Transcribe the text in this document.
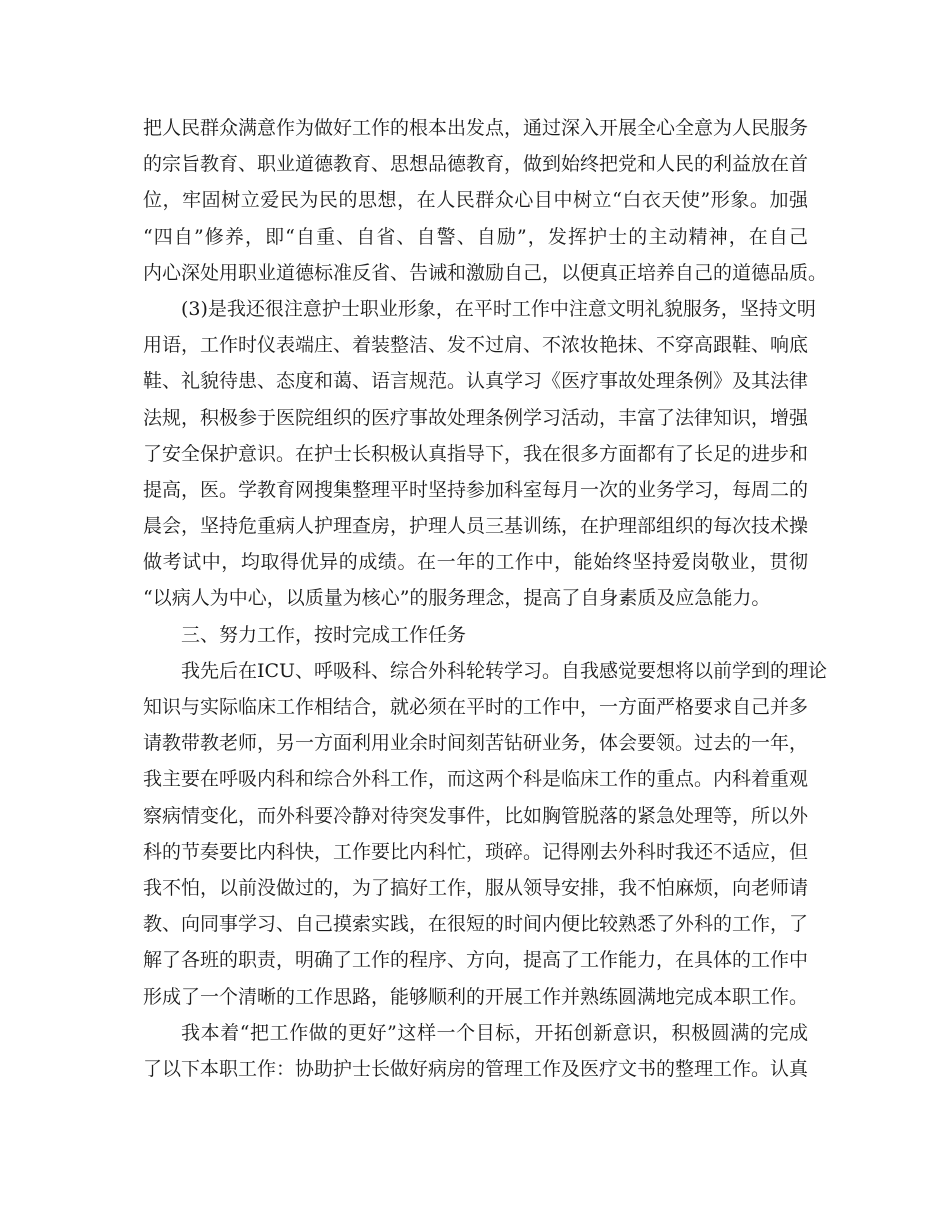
把人民群众满意作为做好工作的根本出发点，通过深入开展全心全意为人民服务
的宗旨教育、职业道德教育、思想品德教育，做到始终把党和人民的利益放在首
位，牢固树立爱民为民的思想，在人民群众心目中树立“白衣天使”形象。加强
“四自”修养，即“自重、自省、自警、自励”，发挥护士的主动精神，在自己
内心深处用职业道德标准反省、告诫和激励自己，以便真正培养自己的道德品质。
(3)是我还很注意护士职业形象，在平时工作中注意文明礼貌服务，坚持文明
用语，工作时仪表端庄、着装整洁、发不过肩、不浓妆艳抹、不穿高跟鞋、响底
鞋、礼貌待患、态度和蔼、语言规范。认真学习《医疗事故处理条例》及其法律
法规，积极参于医院组织的医疗事故处理条例学习活动，丰富了法律知识，增强
了安全保护意识。在护士长积极认真指导下，我在很多方面都有了长足的进步和
提高，医。学教育网搜集整理平时坚持参加科室每月一次的业务学习，每周二的
晨会，坚持危重病人护理查房，护理人员三基训练，在护理部组织的每次技术操
做考试中，均取得优异的成绩。在一年的工作中，能始终坚持爱岗敬业，贯彻
“以病人为中心，以质量为核心”的服务理念，提高了自身素质及应急能力。
三、努力工作，按时完成工作任务
我先后在ICU、呼吸科、综合外科轮转学习。自我感觉要想将以前学到的理论
知识与实际临床工作相结合，就必须在平时的工作中，一方面严格要求自己并多
请教带教老师，另一方面利用业余时间刻苦钻研业务，体会要领。过去的一年，
我主要在呼吸内科和综合外科工作，而这两个科是临床工作的重点。内科着重观
察病情变化，而外科要冷静对待突发事件，比如胸管脱落的紧急处理等，所以外
科的节奏要比内科快，工作要比内科忙，琐碎。记得刚去外科时我还不适应，但
我不怕，以前没做过的，为了搞好工作，服从领导安排，我不怕麻烦，向老师请
教、向同事学习、自己摸索实践，在很短的时间内便比较熟悉了外科的工作，了
解了各班的职责，明确了工作的程序、方向，提高了工作能力，在具体的工作中
形成了一个清晰的工作思路，能够顺利的开展工作并熟练圆满地完成本职工作。
我本着“把工作做的更好”这样一个目标，开拓创新意识，积极圆满的完成
了以下本职工作：协助护士长做好病房的管理工作及医疗文书的整理工作。认真
